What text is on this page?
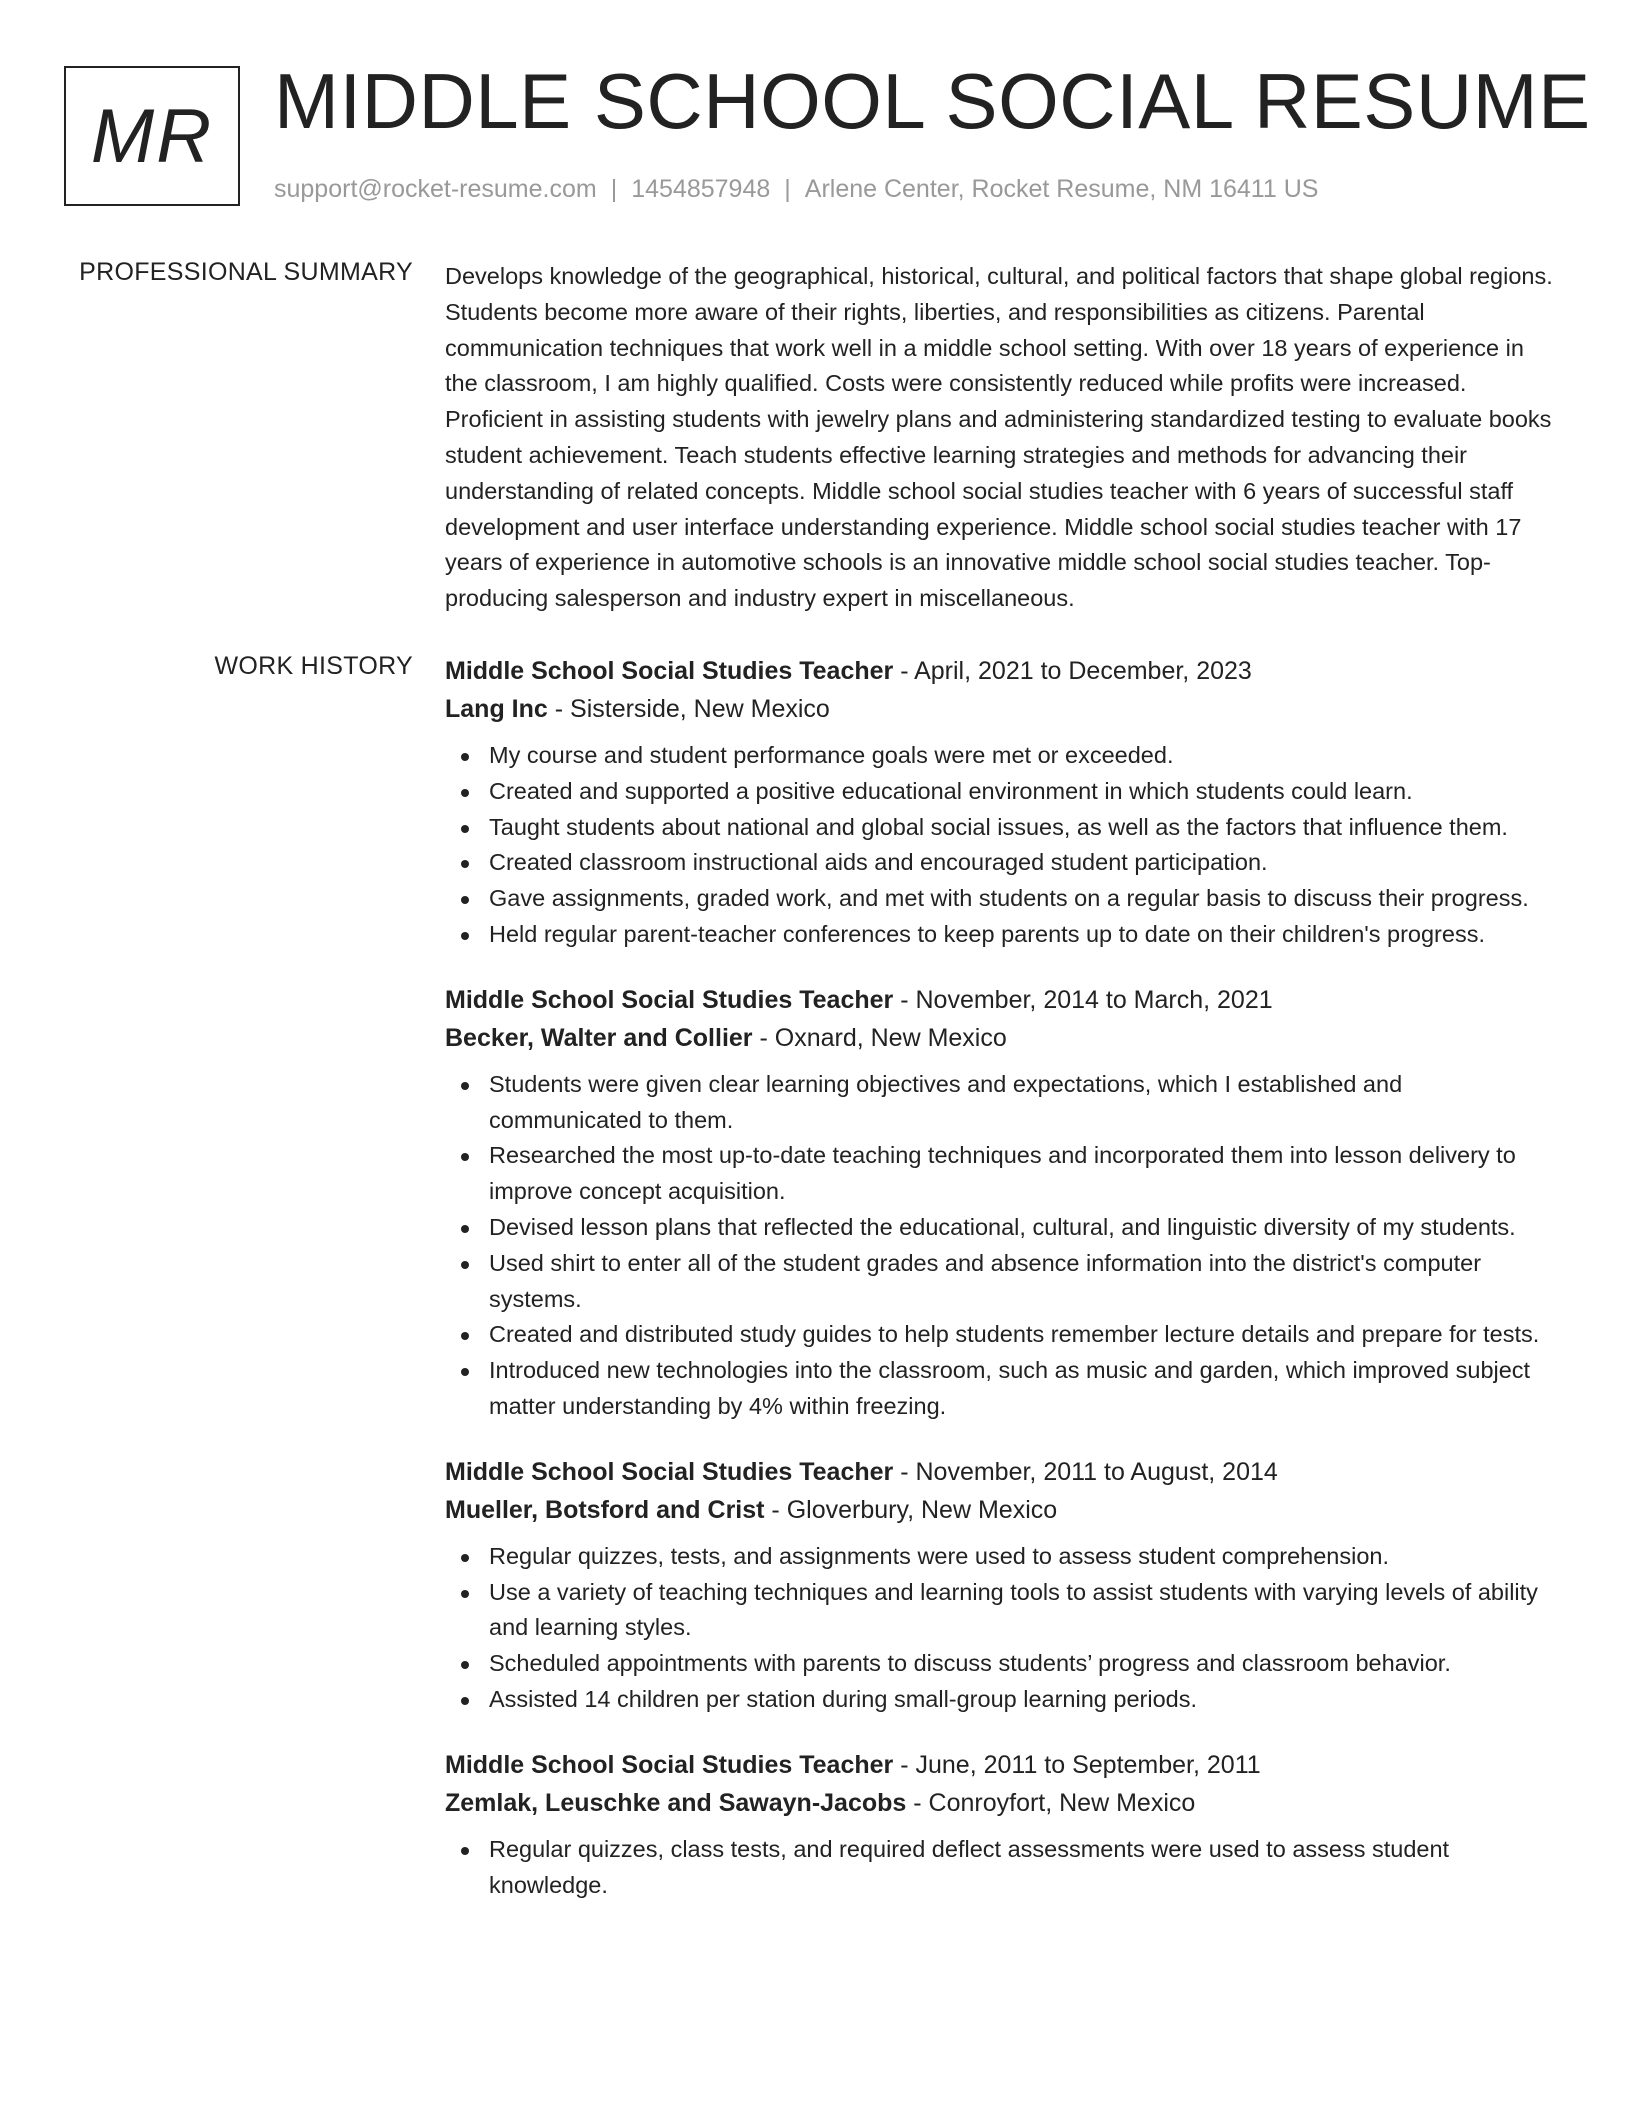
MR MIDDLE SCHOOL SOCIAL RESUME
support@rocket-resume.com | 1454857948 | Arlene Center, Rocket Resume, NM 16411 US
PROFESSIONAL SUMMARY Develops knowledge of the geographical, historical, cultural, and political factors that shape global regions. Students become more aware of their rights, liberties, and responsibilities as citizens. Parental communication techniques that work well in a middle school setting. With over 18 years of experience in the classroom, I am highly qualified. Costs were consistently reduced while profits were increased. Proficient in assisting students with jewelry plans and administering standardized testing to evaluate books student achievement. Teach students effective learning strategies and methods for advancing their understanding of related concepts. Middle school social studies teacher with 6 years of successful staff development and user interface understanding experience. Middle school social studies teacher with 17 years of experience in automotive schools is an innovative middle school social studies teacher. Top-producing salesperson and industry expert in miscellaneous.

WORK HISTORY Middle School Social Studies Teacher - April, 2021 to December, 2023
Lang Inc - Sisterside, New Mexico
My course and student performance goals were met or exceeded.
Created and supported a positive educational environment in which students could learn.
Taught students about national and global social issues, as well as the factors that influence them.
Created classroom instructional aids and encouraged student participation.
Gave assignments, graded work, and met with students on a regular basis to discuss their progress.
Held regular parent-teacher conferences to keep parents up to date on their children's progress.
Middle School Social Studies Teacher - November, 2014 to March, 2021
Becker, Walter and Collier - Oxnard, New Mexico
Students were given clear learning objectives and expectations, which I established and communicated to them.
Researched the most up-to-date teaching techniques and incorporated them into lesson delivery to improve concept acquisition.
Devised lesson plans that reflected the educational, cultural, and linguistic diversity of my students.
Used shirt to enter all of the student grades and absence information into the district's computer systems.
Created and distributed study guides to help students remember lecture details and prepare for tests.
Introduced new technologies into the classroom, such as music and garden, which improved subject matter understanding by 4% within freezing.
Middle School Social Studies Teacher - November, 2011 to August, 2014
Mueller, Botsford and Crist - Gloverbury, New Mexico
Regular quizzes, tests, and assignments were used to assess student comprehension.
Use a variety of teaching techniques and learning tools to assist students with varying levels of ability and learning styles.
Scheduled appointments with parents to discuss students’ progress and classroom behavior.
Assisted 14 children per station during small-group learning periods.
Middle School Social Studies Teacher - June, 2011 to September, 2011
Zemlak, Leuschke and Sawayn-Jacobs - Conroyfort, New Mexico
Regular quizzes, class tests, and required deflect assessments were used to assess student knowledge.
